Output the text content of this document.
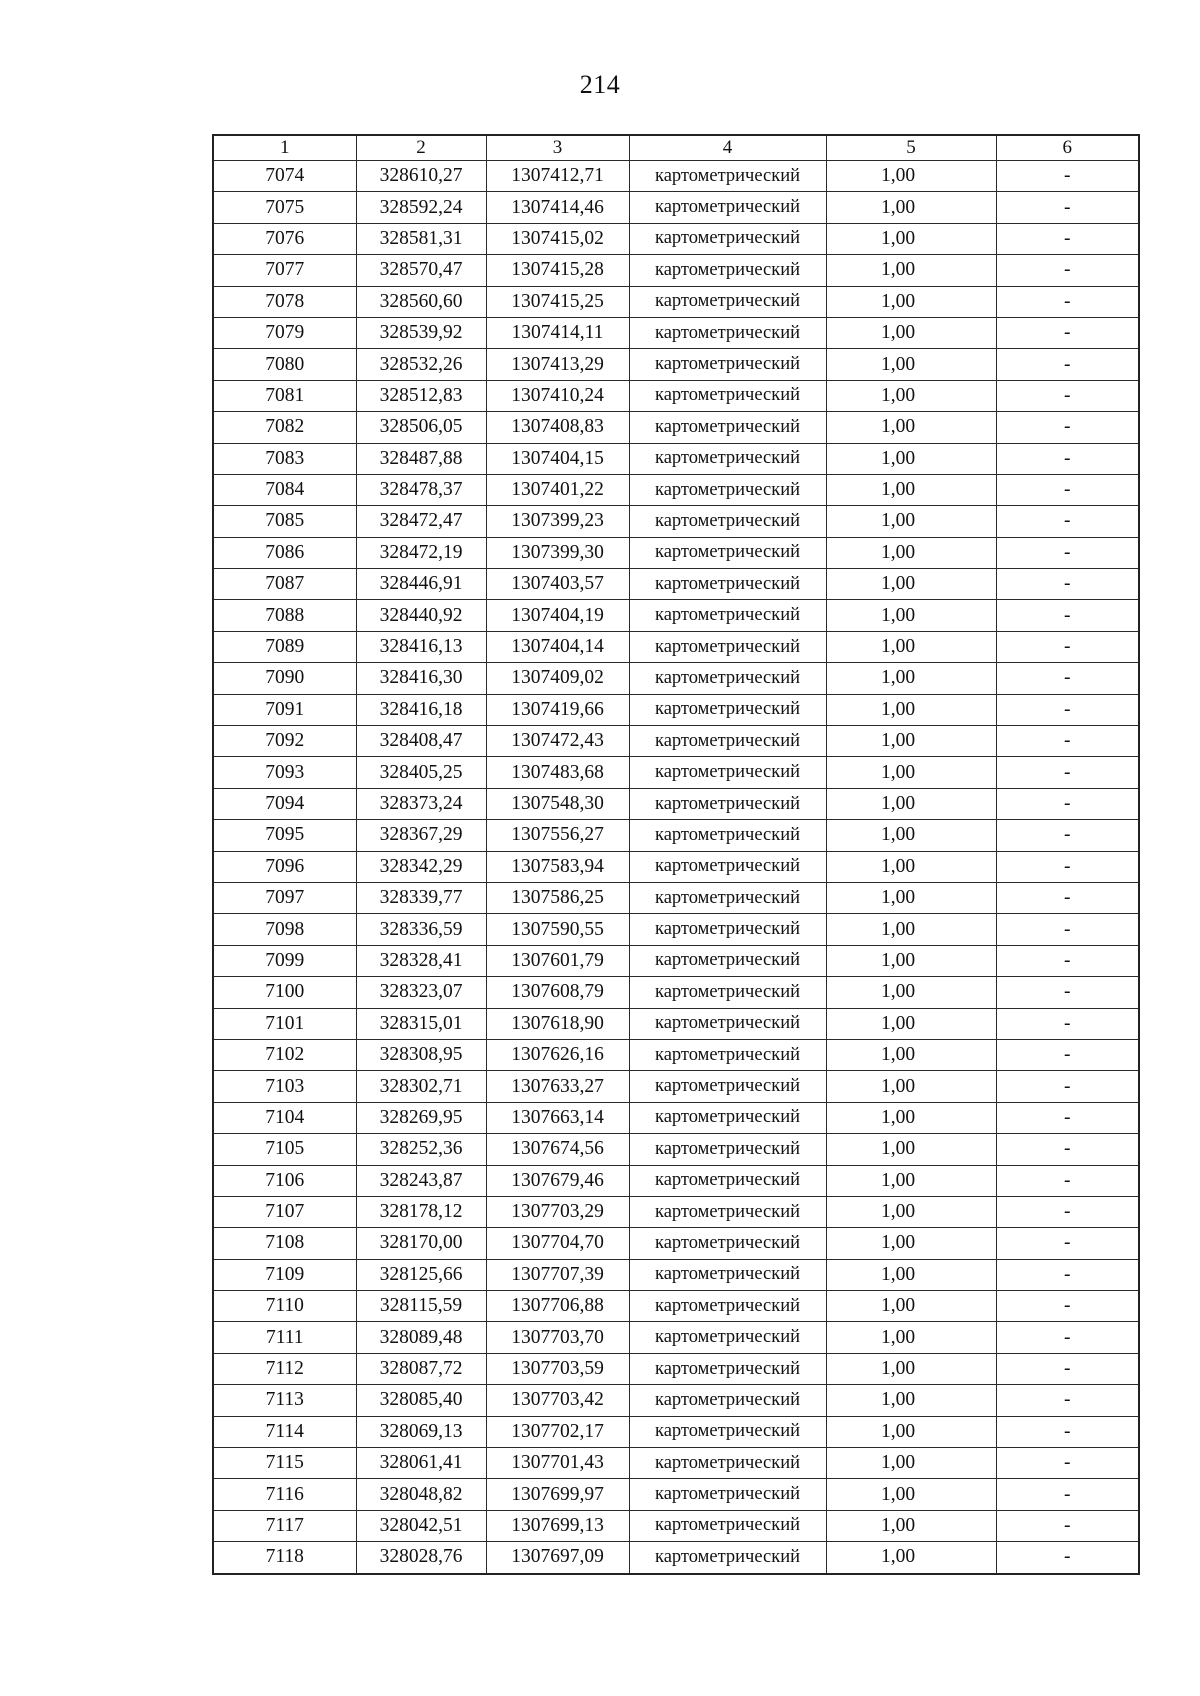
214
1	2	3	4	5	6
7074	328610,27	1307412,71	картометрический	1,00	-
7075	328592,24	1307414,46	картометрический	1,00	-
7076	328581,31	1307415,02	картометрический	1,00	-
7077	328570,47	1307415,28	картометрический	1,00	-
7078	328560,60	1307415,25	картометрический	1,00	-
7079	328539,92	1307414,11	картометрический	1,00	-
7080	328532,26	1307413,29	картометрический	1,00	-
7081	328512,83	1307410,24	картометрический	1,00	-
7082	328506,05	1307408,83	картометрический	1,00	-
7083	328487,88	1307404,15	картометрический	1,00	-
7084	328478,37	1307401,22	картометрический	1,00	-
7085	328472,47	1307399,23	картометрический	1,00	-
7086	328472,19	1307399,30	картометрический	1,00	-
7087	328446,91	1307403,57	картометрический	1,00	-
7088	328440,92	1307404,19	картометрический	1,00	-
7089	328416,13	1307404,14	картометрический	1,00	-
7090	328416,30	1307409,02	картометрический	1,00	-
7091	328416,18	1307419,66	картометрический	1,00	-
7092	328408,47	1307472,43	картометрический	1,00	-
7093	328405,25	1307483,68	картометрический	1,00	-
7094	328373,24	1307548,30	картометрический	1,00	-
7095	328367,29	1307556,27	картометрический	1,00	-
7096	328342,29	1307583,94	картометрический	1,00	-
7097	328339,77	1307586,25	картометрический	1,00	-
7098	328336,59	1307590,55	картометрический	1,00	-
7099	328328,41	1307601,79	картометрический	1,00	-
7100	328323,07	1307608,79	картометрический	1,00	-
7101	328315,01	1307618,90	картометрический	1,00	-
7102	328308,95	1307626,16	картометрический	1,00	-
7103	328302,71	1307633,27	картометрический	1,00	-
7104	328269,95	1307663,14	картометрический	1,00	-
7105	328252,36	1307674,56	картометрический	1,00	-
7106	328243,87	1307679,46	картометрический	1,00	-
7107	328178,12	1307703,29	картометрический	1,00	-
7108	328170,00	1307704,70	картометрический	1,00	-
7109	328125,66	1307707,39	картометрический	1,00	-
7110	328115,59	1307706,88	картометрический	1,00	-
7111	328089,48	1307703,70	картометрический	1,00	-
7112	328087,72	1307703,59	картометрический	1,00	-
7113	328085,40	1307703,42	картометрический	1,00	-
7114	328069,13	1307702,17	картометрический	1,00	-
7115	328061,41	1307701,43	картометрический	1,00	-
7116	328048,82	1307699,97	картометрический	1,00	-
7117	328042,51	1307699,13	картометрический	1,00	-
7118	328028,76	1307697,09	картометрический	1,00	-
